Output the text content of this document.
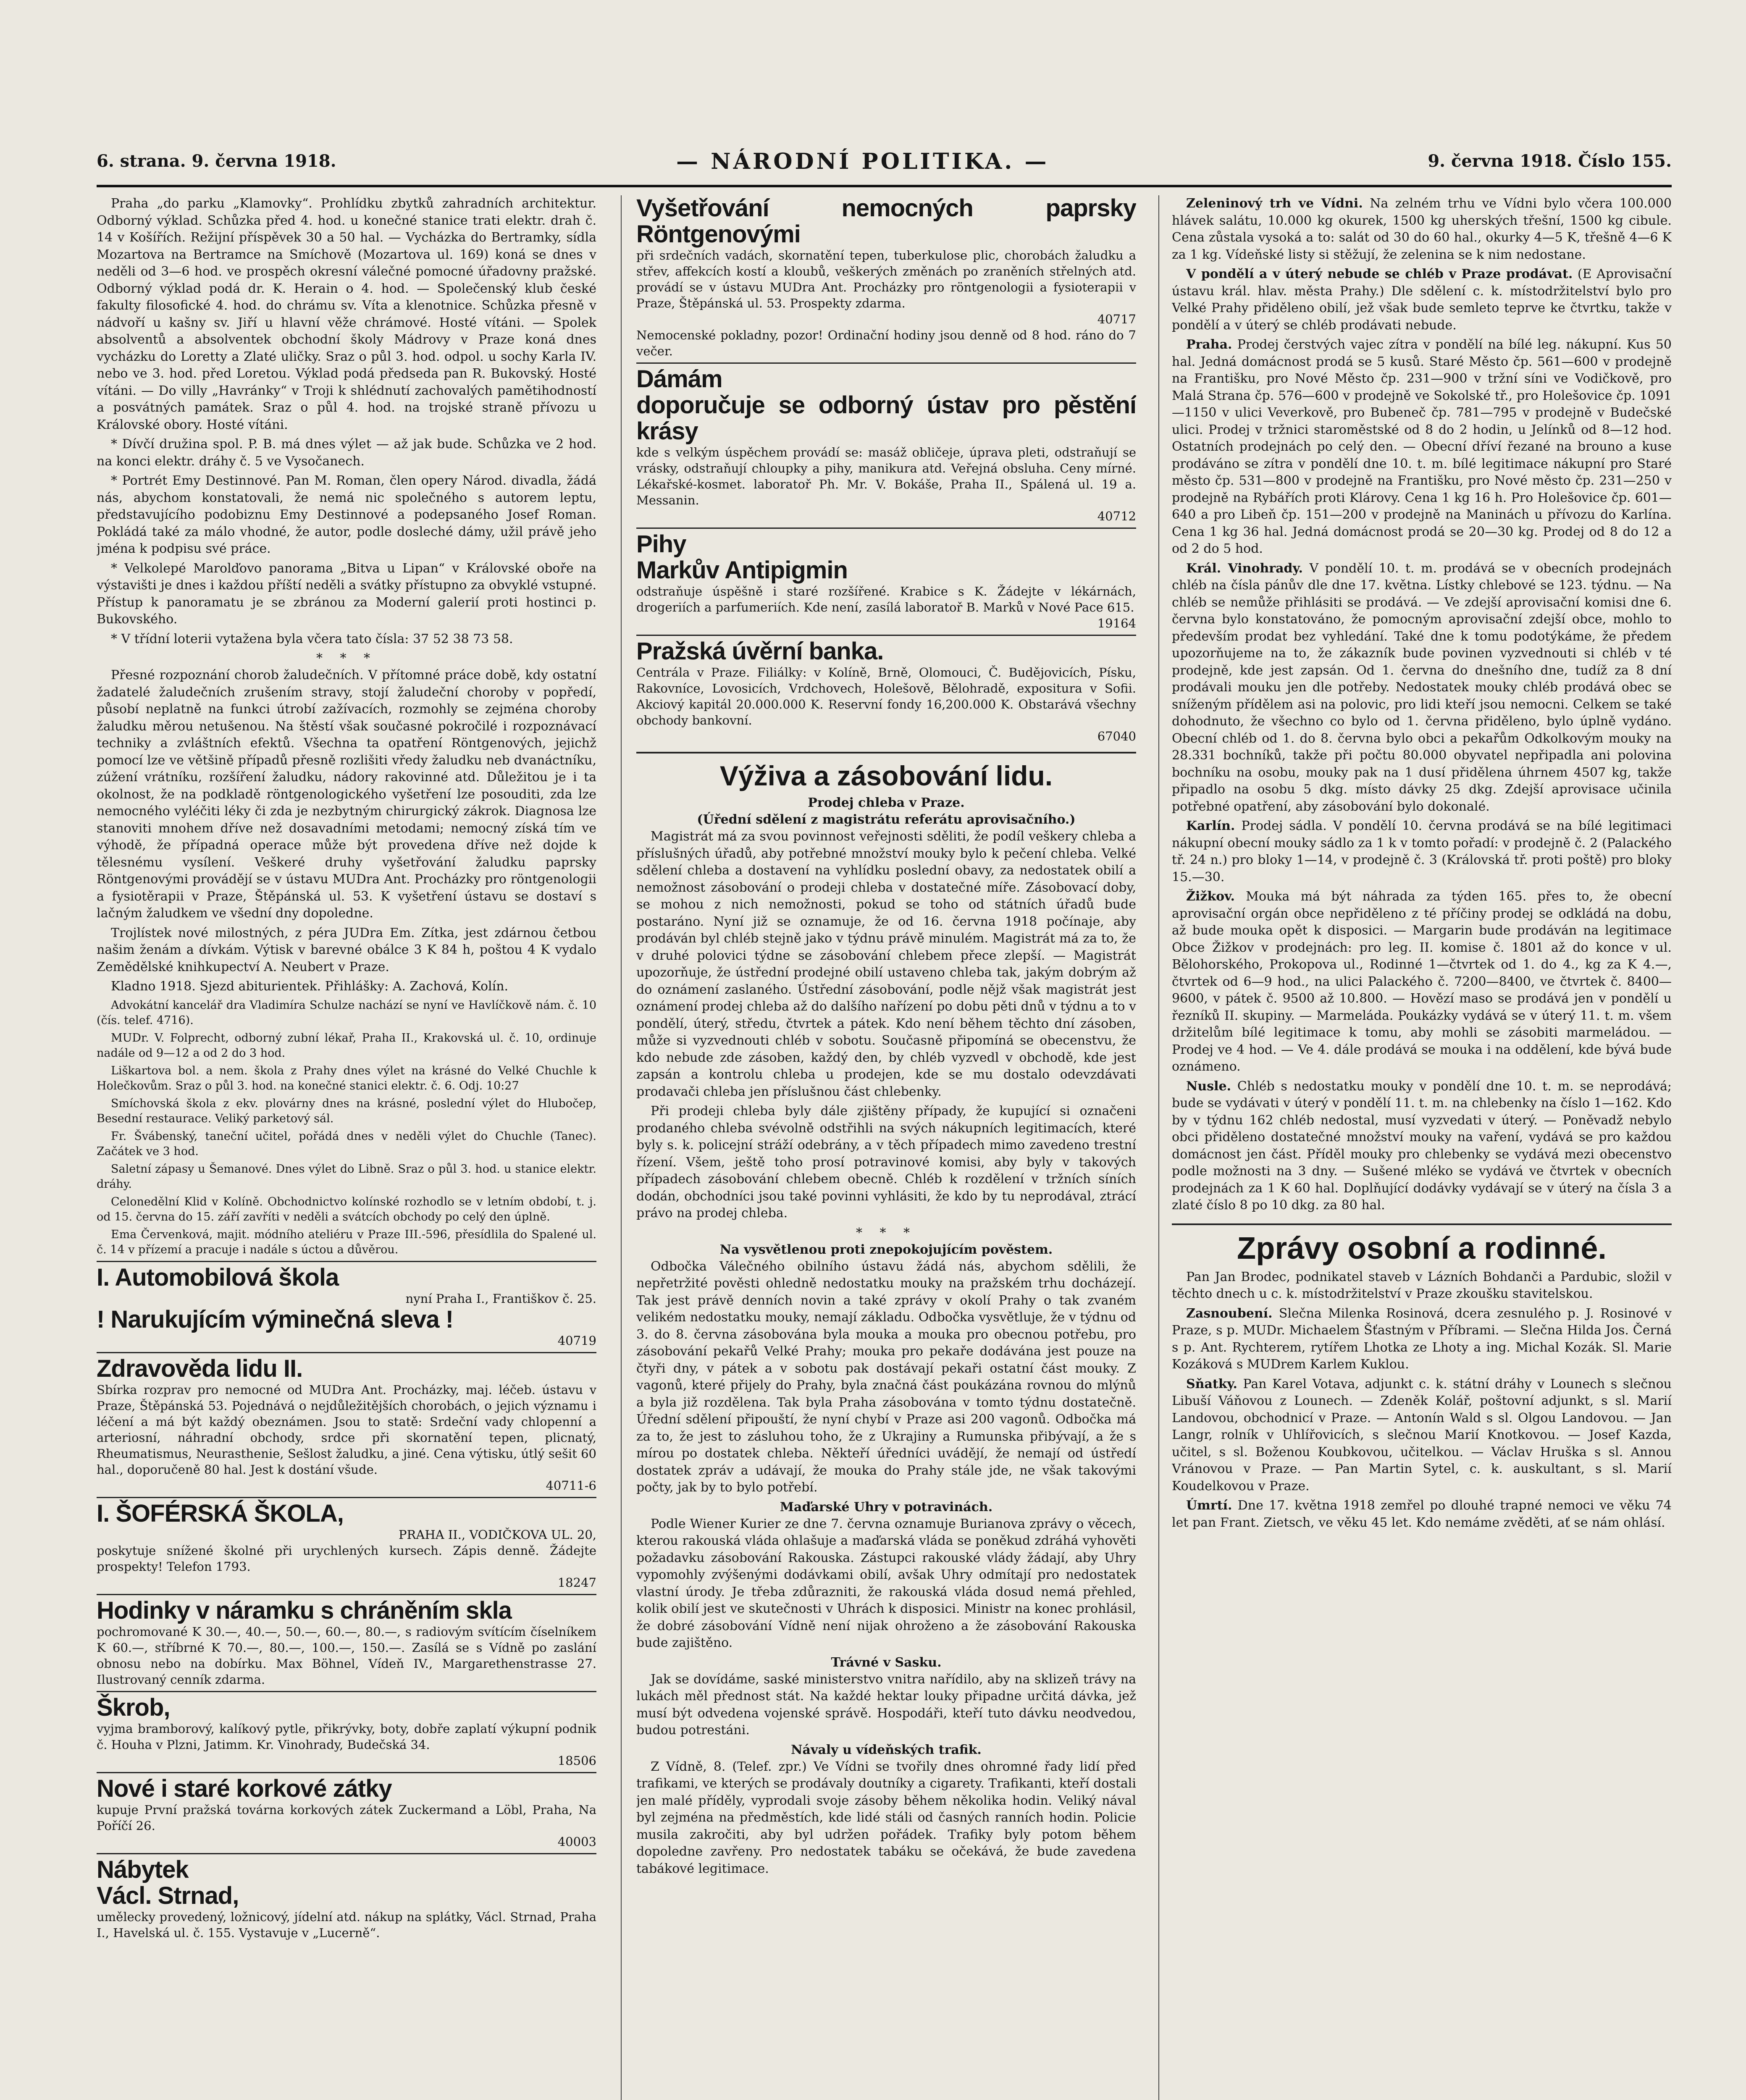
6. strana. 9. června 1918.	— NÁRODNÍ POLITIKA. —	9. června 1918. Číslo 155.

Praha „do parku „Klamovky“. Prohlídku zbytků zahradních architektur. Odborný výklad. Schůzka před 4. hod. u konečné stanice trati elektr. drah č. 14 v Košířích. Režijní příspěvek 30 a 50 hal. — Vycházka do Bertramky, sídla Mozartova na Bertramce na Smíchově (Mozartova ul. 169) koná se dnes v neděli od 3—6 hod. ve prospěch okresní válečné pomocné úřadovny pražské. Odborný výklad podá dr. K. Herain o 4. hod. — Společenský klub české fakulty filosofické 4. hod. do chrámu sv. Víta a klenotnice. Schůzka přesně v nádvoří u kašny sv. Jiří u hlavní věže chrámové. Hosté vítáni. — Spolek absolventů a absolventek obchodní školy Mádrovy v Praze koná dnes vycházku do Loretty a Zlaté uličky. Sraz o půl 3. hod. odpol. u sochy Karla IV. nebo ve 3. hod. před Loretou. Výklad podá předseda pan R. Bukovský. Hosté vítáni. — Do villy „Havránky“ v Troji k shlédnutí zachovalých pamětihodností a posvátných památek. Sraz o půl 4. hod. na trojské straně přívozu u Královské obory. Hosté vítáni.

* Dívčí družina spol. P. B. má dnes výlet — až jak bude. Schůzka ve 2 hod. na konci elektr. dráhy č. 5 ve Vysočanech.

* Portrét Emy Destinnové. Pan M. Roman, člen opery Národ. divadla, žádá nás, abychom konstatovali, že nemá nic společného s autorem leptu, představujícího podobiznu Emy Destinnové a podepsaného Josef Roman. Pokládá také za málo vhodné, že autor, podle dosleché dámy, užil právě jeho jména k podpisu své práce.

* Velkolepé Marolďovo panorama „Bitva u Lipan“ v Královské oboře na výstavišti je dnes i každou příští neděli a svátky přístupno za obvyklé vstupné. Přístup k panoramatu je se zbránou za Moderní galerií proti hostinci p. Bukovského.

* V třídní loterii vytažena byla včera tato čísla: 37 52 38 73 58.

* * *

Přesné rozpoznání chorob žaludečních. V přítomné práce době, kdy ostatní žadatelé žaludečních zrušením stravy, stojí žaludeční choroby v popředí, působí neplatně na funkci útrobí zažívacích, rozmohly se zejména choroby žaludku měrou netušenou. Na štěstí však současné pokročilé i rozpoznávací techniky a zvláštních efektů. Všechna ta opatření Röntgenových, jejichž pomocí lze ve většině případů přesně rozlišiti vředy žaludku neb dvanáctníku, zúžení vrátníku, rozšíření žaludku, nádory rakovinné atd. Důležitou je i ta okolnost, že na podkladě röntgenologického vyšetření lze posouditi, zda lze nemocného vyléčiti léky či zda je nezbytným chirurgický zákrok. Diagnosa lze stanoviti mnohem dříve než dosavadními metodami; nemocný získá tím ve výhodě, že případná operace může být provedena dříve než dojde k tělesnému vysílení. Veškeré druhy vyšetřování žaludku paprsky Röntgenovými provádějí se v ústavu MUDra Ant. Procházky pro röntgenologii a fysiotěrapii v Praze, Štěpánská ul. 53. K vyšetření ústavu se dostaví s lačným žaludkem ve všední dny dopoledne.

Trojlístek nové milostných, z péra JUDra Em. Zítka, jest zdárnou četbou našim ženám a dívkám. Výtisk v barevné obálce 3 K 84 h, poštou 4 K vydalo Zemědělské knihkupectví A. Neubert v Praze.

Kladno 1918. Sjezd abiturientek. Přihlášky: A. Zachová, Kolín.

Advokátní kancelář dra Vladimíra Schulze nachází se nyní ve Havlíčkově nám. č. 10 (čís. telef. 4716).

MUDr. V. Folprecht, odborný zubní lékař, Praha II., Krakovská ul. č. 10, ordinuje nadále od 9—12 a od 2 do 3 hod.

Liškartova bol. a nem. škola z Prahy dnes výlet na krásné do Velké Chuchle k Holečkovům. Sraz o půl 3. hod. na konečné stanici elektr. č. 6. Odj. 10:27

Smíchovská škola z ekv. plovárny dnes na krásné, poslední výlet do Hlubočep, Besední restaurace. Veliký parketový sál.

Fr. Švábenský, taneční učitel, pořádá dnes v neděli výlet do Chuchle (Tanec). Začátek ve 3 hod.

Saletní zápasy u Šemanové. Dnes výlet do Libně. Sraz o půl 3. hod. u stanice elektr. dráhy.

Celonedělní Klid v Kolíně. Obchodnictvo kolínské rozhodlo se v letním období, t. j. od 15. června do 15. září zavříti v neděli a svátcích obchody po celý den úplně.

Ema Červenková, majit. módního ateliéru v Praze III.-596, přesídlila do Spalené ul. č. 14 v přízemí a pracuje i nadále s úctou a důvěrou.

I. Automobilová škola
nyní Praha I., Františkov č. 25.
! Narukujícím výminečná sleva !
40719
Zdravověda lidu II.
Sbírka rozprav pro nemocné od MUDra Ant. Procházky, maj. léčeb. ústavu v Praze, Štěpánská 53. Pojednává o nejdůležitějších chorobách, o jejich významu i léčení a má být každý obeznámen. Jsou to statě: Srdeční vady chlopenní a arteriosní, náhradní obchody, srdce při skornatění tepen, plicnatý, Rheumatismus, Neurasthenie, Sešlost žaludku, a jiné. Cena výtisku, útlý sešit 60 hal., doporučeně 80 hal. Jest k dostání všude.
40711-6
I. ŠOFÉRSKÁ ŠKOLA,
PRAHA II., VODIČKOVA UL. 20,
poskytuje snížené školné při urychlených kursech. Zápis denně. Žádejte prospekty! Telefon 1793.
18247
Hodinky v náramku s chráněním skla
pochromované K 30.—, 40.—, 50.—, 60.—, 80.—, s radiovým svítícím číselníkem K 60.—, stříbrné K 70.—, 80.—, 100.—, 150.—. Zasílá se s Vídně po zaslání obnosu nebo na dobírku. Max Böhnel, Vídeň IV., Margarethenstrasse 27. Ilustrovaný cenník zdarma.
Škrob,
vyjma bramborový, kalíkový pytle, přikrývky, boty, dobře zaplatí výkupní podnik č. Houha v Plzni, Jatimm. Kr. Vinohrady, Budečská 34.
18506
Nové i staré korkové zátky
kupuje První pražská továrna korkových zátek Zuckermand a Löbl, Praha, Na Poříčí 26.
40003
Nábytek
Václ. Strnad,
umělecky provedený, ložnicový, jídelní atd. nákup na splátky, Václ. Strnad, Praha I., Havelská ul. č. 155. Vystavuje v „Lucerně“.
Vyšetřování nemocných paprsky Röntgenovými
při srdečních vadách, skornatění tepen, tuberkulose plic, chorobách žaludku a střev, affekcích kostí a kloubů, veškerých změnách po zraněních střelných atd. provádí se v ústavu MUDra Ant. Procházky pro röntgenologii a fysioterapii v Praze, Štěpánská ul. 53. Prospekty zdarma.
40717
Nemocenské pokladny, pozor! Ordinační hodiny jsou denně od 8 hod. ráno do 7 večer.
Dámám
doporučuje se odborný ústav pro pěstění krásy
kde s velkým úspěchem provádí se: masáž obličeje, úprava pleti, odstraňují se vrásky, odstraňují chloupky a pihy, manikura atd. Veřejná obsluha. Ceny mírné. Lékařské-kosmet. laboratoř Ph. Mr. V. Bokáše, Praha II., Spálená ul. 19 a. Messanin.
40712
Pihy
Markův Antipigmin
odstraňuje úspěšně i staré rozšířené. Krabice s K. Žádejte v lékárnách, drogeriích a parfumeriích. Kde není, zasílá laboratoř B. Marků v Nové Pace 615.
19164
Pražská úvěrní banka.
Centrála v Praze. Filiálky: v Kolíně, Brně, Olomouci, Č. Budějovicích, Písku, Rakovníce, Lovosicích, Vrdchovech, Holešově, Bělohradě, expositura v Sofii. Akciový kapitál 20.000.000 K. Reservní fondy 16,200.000 K. Obstarává všechny obchody bankovní.
67040
Výživa a zásobování lidu.
Prodej chleba v Praze.
(Úřední sdělení z magistrátu referátu aprovisačního.)

Magistrát má za svou povinnost veřejnosti sděliti, že podíl veškery chleba a příslušných úřadů, aby potřebné množství mouky bylo k pečení chleba. Velké sdělení chleba a dostavení na vyhlídku poslední obavy, za nedostatek obilí a nemožnost zásobování o prodeji chleba v dostatečné míře. Zásobovací doby, se mohou z nich nemožnosti, pokud se toho od státních úřadů bude postaráno. Nyní již se oznamuje, že od 16. června 1918 počínaje, aby prodáván byl chléb stejně jako v týdnu právě minulém. Magistrát má za to, že v druhé polovici týdne se zásobování chlebem přece zlepší. — Magistrát upozorňuje, že ústřední prodejné obilí ustaveno chleba tak, jakým dobrým až do oznámení zaslaného. Ústřední zásobování, podle nějž však magistrát jest oznámení prodej chleba až do dalšího nařízení po dobu pěti dnů v týdnu a to v pondělí, úterý, středu, čtvrtek a pátek. Kdo není během těchto dní zásoben, může si vyzvednouti chléb v sobotu. Současně připomíná se obecenstvu, že kdo nebude zde zásoben, každý den, by chléb vyzvedl v obchodě, kde jest zapsán a kontrolu chleba u prodejen, kde se mu dostalo odevzdávati prodavači chleba jen příslušnou část chlebenky.

Při prodeji chleba byly dále zjištěny případy, že kupující si označeni prodaného chleba svévolně odstřihli na svých nákupních legitimacích, které byly s. k. policejní stráží odebrány, a v těch případech mimo zavedeno trestní řízení. Všem, ještě toho prosí potravinové komisi, aby byly v takových případech zásobování chlebem obecně. Chléb k rozdělení v tržních síních dodán, obchodníci jsou také povinni vyhlásiti, že kdo by tu neprodával, ztrácí právo na prodej chleba.

* * *
Na vysvětlenou proti znepokojujícím pověstem.

Odbočka Válečného obilního ústavu žádá nás, abychom sdělili, že nepřetržité pověsti ohledně nedostatku mouky na pražském trhu docházejí. Tak jest právě denních novin a také zprávy v okolí Prahy o tak zvaném velikém nedostatku mouky, nemají základu. Odbočka vysvětluje, že v týdnu od 3. do 8. června zásobována byla mouka a mouka pro obecnou potřebu, pro zásobování pekařů Velké Prahy; mouka pro pekaře dodávána jest pouze na čtyři dny, v pátek a v sobotu pak dostávají pekaři ostatní část mouky. Z vagonů, které přijely do Prahy, byla značná část poukázána rovnou do mlýnů a byla již rozdělena. Tak byla Praha zásobována v tomto týdnu dostatečně. Úřední sdělení připouští, že nyní chybí v Praze asi 200 vagonů. Odbočka má za to, že jest to zásluhou toho, že z Ukrajiny a Rumunska přibývají, a že s mírou po dostatek chleba. Někteří úředníci uvádějí, že nemají od ústředí dostatek zpráv a udávají, že mouka do Prahy stále jde, ne však takovými počty, jak by to bylo potřebí.

Maďarské Uhry v potravinách.

Podle Wiener Kurier ze dne 7. června oznamuje Burianova zprávy o věcech, kterou rakouská vláda ohlašuje a maďarská vláda se poněkud zdráhá vyhověti požadavku zásobování Rakouska. Zástupci rakouské vlády žádají, aby Uhry vypomohly zvýšenými dodávkami obilí, avšak Uhry odmítají pro nedostatek vlastní úrody. Je třeba zdůrazniti, že rakouská vláda dosud nemá přehled, kolik obilí jest ve skutečnosti v Uhrách k disposici. Ministr na konec prohlásil, že dobré zásobování Vídně není nijak ohroženo a že zásobování Rakouska bude zajištěno.

Trávné v Sasku.

Jak se dovídáme, saské ministerstvo vnitra nařídilo, aby na sklizeň trávy na lukách měl přednost stát. Na každé hektar louky připadne určitá dávka, jež musí být odvedena vojenské správě. Hospodáři, kteří tuto dávku neodvedou, budou potrestáni.

Návaly u vídeňských trafik.

Z Vídně, 8. (Telef. zpr.) Ve Vídni se tvořily dnes ohromné řady lidí před trafikami, ve kterých se prodávaly doutníky a cigarety. Trafikanti, kteří dostali jen malé příděly, vyprodali svoje zásoby během několika hodin. Veliký nával byl zejména na předměstích, kde lidé stáli od časných ranních hodin. Policie musila zakročiti, aby byl udržen pořádek. Trafiky byly potom během dopoledne zavřeny. Pro nedostatek tabáku se očekává, že bude zavedena tabákové legitimace.

Zeleninový trh ve Vídni. Na zelném trhu ve Vídni bylo včera 100.000 hlávek salátu, 10.000 kg okurek, 1500 kg uherských třešní, 1500 kg cibule. Cena zůstala vysoká a to: salát od 30 do 60 hal., okurky 4—5 K, třešně 4—6 K za 1 kg. Vídeňské listy si stěžují, že zelenina se k nim nedostane.

V pondělí a v úterý nebude se chléb v Praze prodávat. (E Aprovisační ústavu král. hlav. města Prahy.) Dle sdělení c. k. místodržitelství bylo pro Velké Prahy přiděleno obilí, jež však bude semleto teprve ke čtvrtku, takže v pondělí a v úterý se chléb prodávati nebude.

Praha. Prodej čerstvých vajec zítra v pondělí na bílé leg. nákupní. Kus 50 hal. Jedná domácnost prodá se 5 kusů. Staré Město čp. 561—600 v prodejně na Františku, pro Nové Město čp. 231—900 v tržní síni ve Vodičkově, pro Malá Strana čp. 576—600 v prodejně ve Sokolské tř., pro Holešovice čp. 1091—1150 v ulici Veverkově, pro Bubeneč čp. 781—795 v prodejně v Budečské ulici. Prodej v tržnici staroměstské od 8 do 2 hodin, u Jelínků od 8—12 hod. Ostatních prodejnách po celý den. — Obecní dříví řezané na brouno a kuse prodáváno se zítra v pondělí dne 10. t. m. bílé legitimace nákupní pro Staré město čp. 531—800 v prodejně na Františku, pro Nové město čp. 231—250 v prodejně na Rybářích proti Klárovy. Cena 1 kg 16 h. Pro Holešovice čp. 601—640 a pro Libeň čp. 151—200 v prodejně na Maninách u přívozu do Karlína. Cena 1 kg 36 hal. Jedná domácnost prodá se 20—30 kg. Prodej od 8 do 12 a od 2 do 5 hod.

Král. Vinohrady. V pondělí 10. t. m. prodává se v obecních prodejnách chléb na čísla pánův dle dne 17. května. Lístky chlebové se 123. týdnu. — Na chléb se nemůže přihlásiti se prodává. — Ve zdejší aprovisační komisi dne 6. června bylo konstatováno, že pomocným aprovisační zdejší obce, mohlo to především prodat bez vyhledání. Také dne k tomu podotýkáme, že předem upozorňujeme na to, že zákazník bude povinen vyzvednouti si chléb v té prodejně, kde jest zapsán. Od 1. června do dnešního dne, tudíž za 8 dní prodávali mouku jen dle potřeby. Nedostatek mouky chléb prodává obec se sníženým přídělem asi na polovic, pro lidi kteří jsou nemocni. Celkem se také dohodnuto, že všechno co bylo od 1. června přiděleno, bylo úplně vydáno. Obecní chléb od 1. do 8. června bylo obci a pekařům Odkolkovým mouky na 28.331 bochníků, takže při počtu 80.000 obyvatel nepřipadla ani polovina bochníku na osobu, mouky pak na 1 dusí přidělena úhrnem 4507 kg, takže připadlo na osobu 5 dkg. místo dávky 25 dkg. Zdejší aprovisace učinila potřebné opatření, aby zásobování bylo dokonalé.

Karlín. Prodej sádla. V pondělí 10. června prodává se na bílé legitimaci nákupní obecní mouky sádlo za 1 k v tomto pořadí: v prodejně č. 2 (Palackého tř. 24 n.) pro bloky 1—14, v prodejně č. 3 (Královská tř. proti poště) pro bloky 15.—30.

Žižkov. Mouka má být náhrada za týden 165. přes to, že obecní aprovisační orgán obce nepřiděleno z té příčiny prodej se odkládá na dobu, až bude mouka opět k disposici. — Margarin bude prodáván na legitimace Obce Žižkov v prodejnách: pro leg. II. komise č. 1801 až do konce v ul. Bělohorského, Prokopova ul., Rodinné 1—čtvrtek od 1. do 4., kg za K 4.—, čtvrtek od 6—9 hod., na ulici Palackého č. 7200—8400, ve čtvrtek č. 8400—9600, v pátek č. 9500 až 10.800. — Hovězí maso se prodává jen v pondělí u řezníků II. skupiny. — Marmeláda. Poukázky vydává se v úterý 11. t. m. všem držitelům bílé legitimace k tomu, aby mohli se zásobiti marmeládou. — Prodej ve 4 hod. — Ve 4. dále prodává se mouka i na oddělení, kde bývá bude oznámeno.

Nusle. Chléb s nedostatku mouky v pondělí dne 10. t. m. se neprodává; bude se vydávati v úterý v pondělí 11. t. m. na chlebenky na číslo 1—162. Kdo by v týdnu 162 chléb nedostal, musí vyzvedati v úterý. — Poněvadž nebylo obci přiděleno dostatečné množství mouky na vaření, vydává se pro každou domácnost jen část. Příděl mouky pro chlebenky se vydává mezi obecenstvo podle možnosti na 3 dny. — Sušené mléko se vydává ve čtvrtek v obecních prodejnách za 1 K 60 hal. Doplňující dodávky vydávají se v úterý na čísla 3 a zlaté číslo 8 po 10 dkg. za 80 hal.

Zprávy osobní a rodinné.

Pan Jan Brodec, podnikatel staveb v Lázních Bohdanči a Pardubic, složil v těchto dnech u c. k. místodržitelství v Praze zkoušku stavitelskou.

Zasnoubení. Slečna Milenka Rosinová, dcera zesnulého p. J. Rosinové v Praze, s p. MUDr. Michaelem Šťastným v Příbrami. — Slečna Hilda Jos. Černá s p. Ant. Rychterem, rytířem Lhotka ze Lhoty a ing. Michal Kozák. Sl. Marie Kozáková s MUDrem Karlem Kuklou.

Sňatky. Pan Karel Votava, adjunkt c. k. státní dráhy v Lounech s slečnou Libuší Váňovou z Lounech. — Zdeněk Kolář, poštovní adjunkt, s sl. Marií Landovou, obchodnicí v Praze. — Antonín Wald s sl. Olgou Landovou. — Jan Langr, rolník v Uhlířovicích, s slečnou Marií Knotkovou. — Josef Kazda, učitel, s sl. Boženou Koubkovou, učitelkou. — Václav Hruška s sl. Annou Vránovou v Praze. — Pan Martin Sytel, c. k. auskultant, s sl. Marií Koudelkovou v Praze.

Úmrtí. Dne 17. května 1918 zemřel po dlouhé trapné nemoci ve věku 74 let pan Frant. Zietsch, ve věku 45 let. Kdo nemáme zvěděti, ať se nám ohlásí.
